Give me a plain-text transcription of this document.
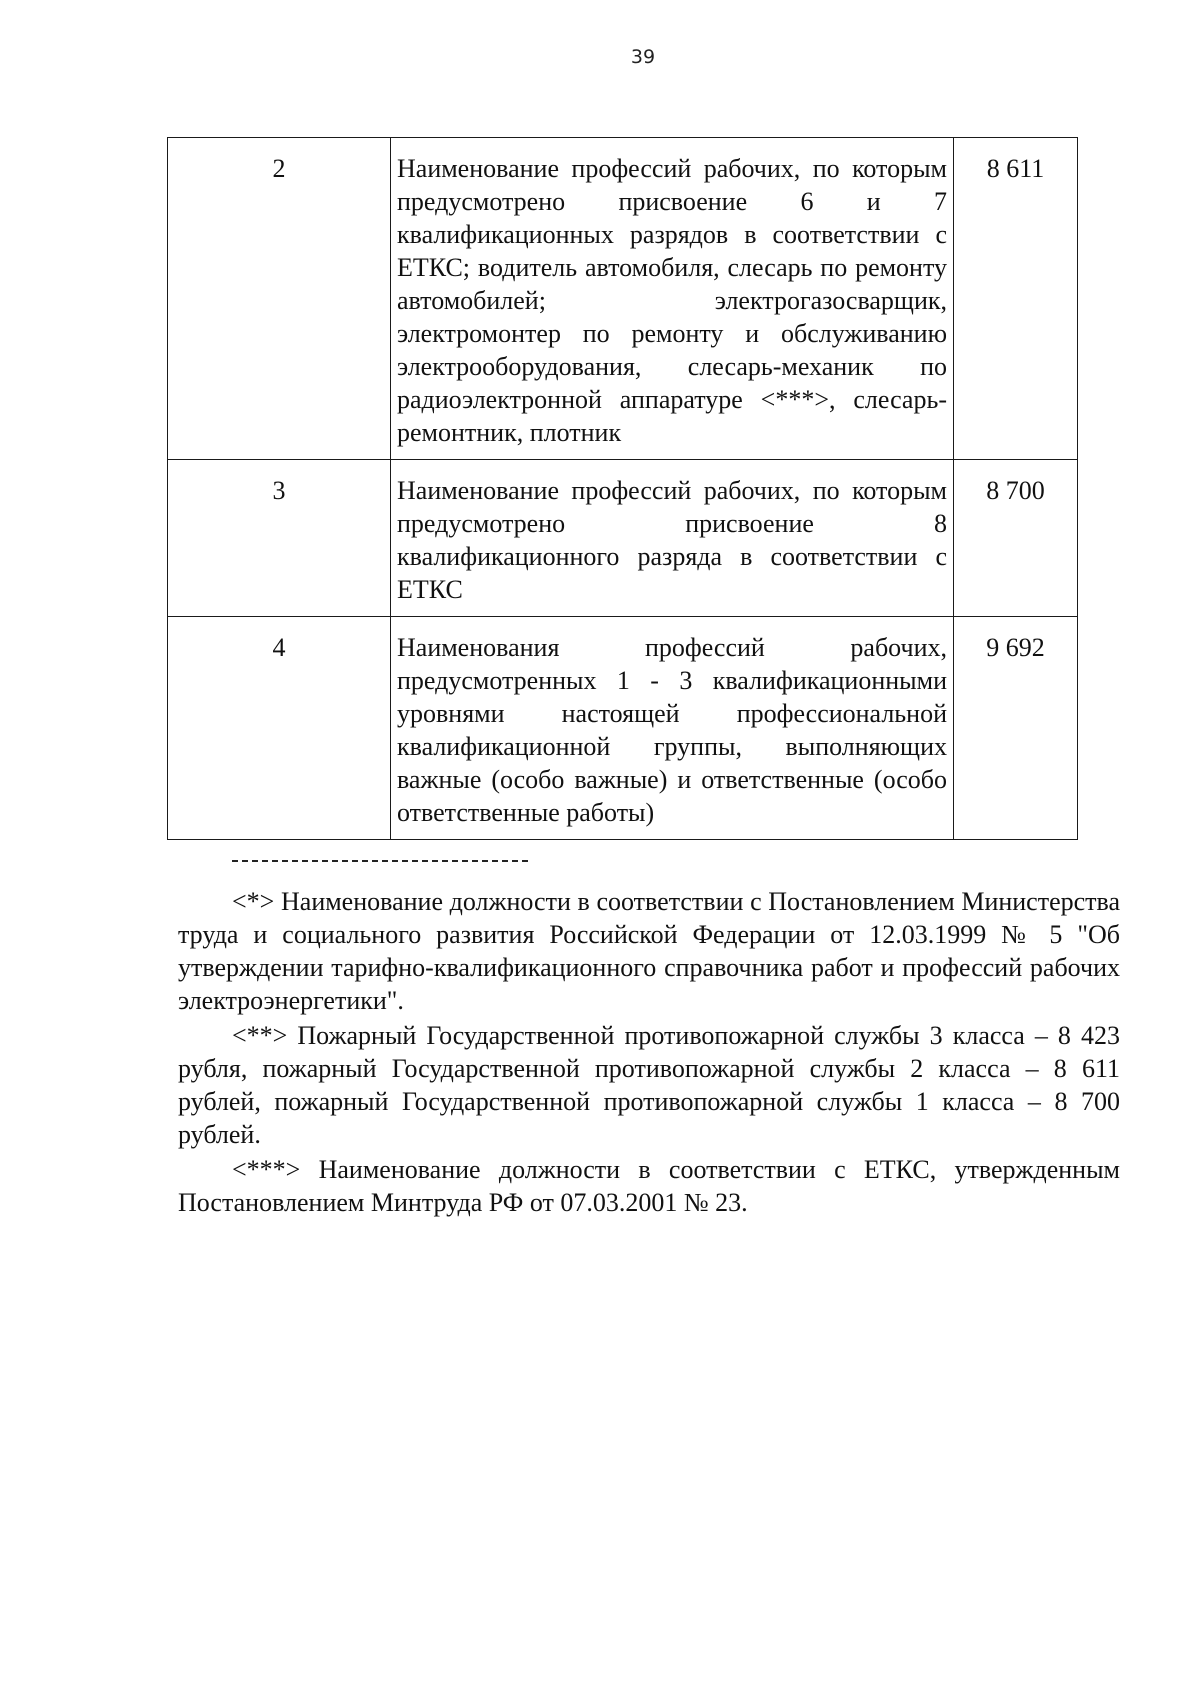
39
2	Наименование профессий рабочих, по которым предусмотрено присвоение 6 и 7 квалификационных разрядов в соответствии с ЕТКС; водитель автомобиля, слесарь по ремонту автомобилей; электрогазосварщик, электромонтер по ремонту и обслуживанию электрооборудования, слесарь-механик по радиоэлектронной аппаратуре <***>, слесарь-ремонтник, плотник	8 611
3	Наименование профессий рабочих, по которым предусмотрено присвоение 8 квалификационного разряда в соответствии с ЕТКС	8 700
4	Наименования профессий рабочих, предусмотренных 1 - 3 квалификационными уровнями настоящей профессиональной квалификационной группы, выполняющих важные (особо важные) и ответственные (особо ответственные работы)	9 692

<*> Наименование должности в соответствии с Постановлением Министерства труда и социального развития Российской Федерации от 12.03.1999 № 5 "Об утверждении тарифно-квалификационного справочника работ и профессий рабочих электроэнергетики".

<**> Пожарный Государственной противопожарной службы 3 класса – 8 423 рубля, пожарный Государственной противопожарной службы 2 класса – 8 611 рублей, пожарный Государственной противопожарной службы 1 класса – 8 700 рублей.

<***> Наименование должности в соответствии с ЕТКС, утвержденным Постановлением Минтруда РФ от 07.03.2001 № 23.
